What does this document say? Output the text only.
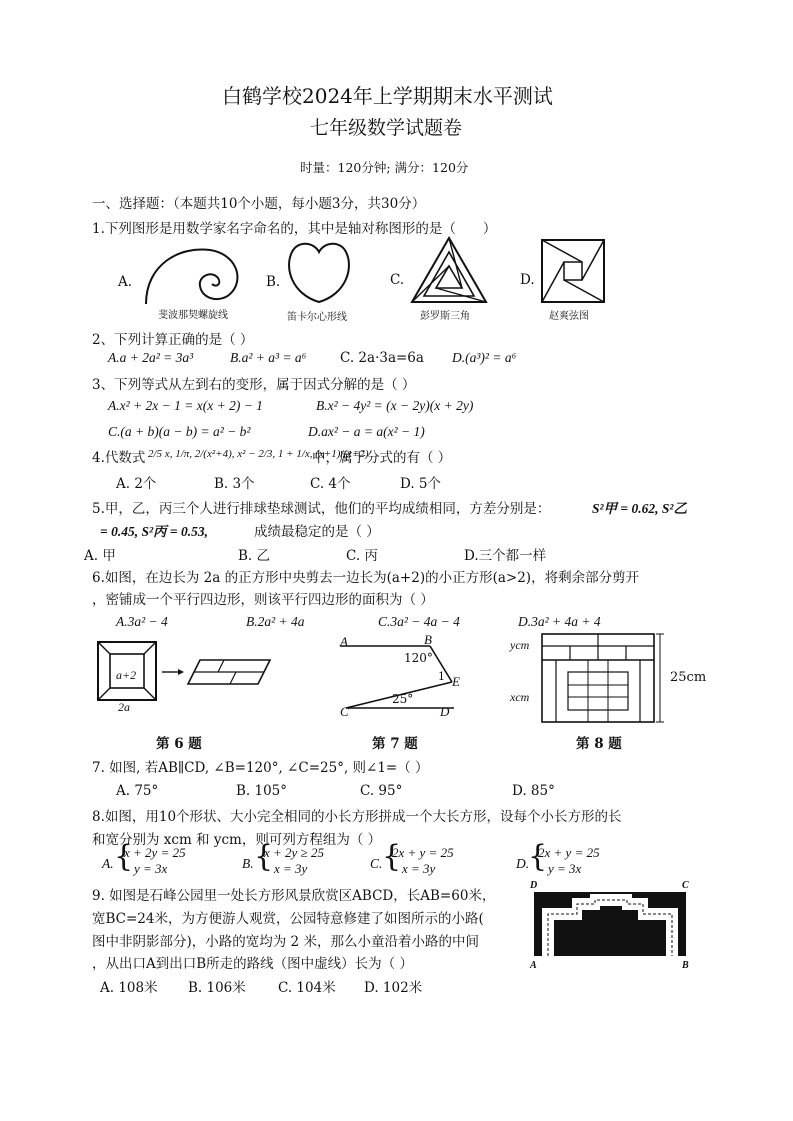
白鹤学校2024年上学期期末水平测试
七年级数学试题卷
时量：120分钟; 满分：120分
一、选择题：（本题共10个小题，每小题3分，共30分）
1.下列图形是用数学家名字命名的，其中是轴对称图形的是（　　）
A.	B.	C.	D.
斐波那契螺旋线	笛卡尔心形线	彭罗斯三角	赵爽弦图
2、下列计算正确的是（ ）
A.a + 2a² = 3a³	B.a² + a³ = a⁶ C. 2a·3a=6a D.(a³)² = a⁶
3、下列等式从左到右的变形，属于因式分解的是（ ）
A.x² + 2x − 1 = x(x + 2) − 1	B.x² − 4y² = (x − 2y)(x + 2y)
C.(a + b)(a − b) = a² − b²	D.ax² − a = a(x² − 1)
4.代数式 2/5 x, 1/π, 2/(x²+4), x² − 2/3, 1 + 1/x, (x+1)/(x+2)
中，属于分式的有（ ）
A. 2个	B. 3个	C. 4个	D. 5个
5.甲，乙，丙三个人进行排球垫球测试，他们的平均成绩相同，方差分别是：	S²甲 = 0.62, S²乙
= 0.45, S²丙 = 0.53,	成绩最稳定的是（ ）
A. 甲	B. 乙	C. 丙	D.三个都一样
6.如图，在边长为 2a 的正方形中央剪去一边长为(a+2)的小正方形(a>2)，将剩余部分剪开
，密铺成一个平行四边形，则该平行四边形的面积为（ ）
A.3a² − 4	B.2a² + 4a	C.3a² − 4a − 4	D.3a² + 4a + 4
a+2
2a
A	B
E
C	D
120°
25°
1
ycm
xcm
25cm
第 6 题	第 7 题	第 8 题
7. 如图, 若AB∥CD, ∠B=120°, ∠C=25°, 则∠1=（ ）
A. 75°	B. 105°	C. 95°	D. 85°
8.如图，用10个形状、大小完全相同的小长方形拼成一个大长方形，设每个小长方形的长
和宽分别为 xcm 和 ycm，则可列方程组为（ ）
A. {
x + 2y = 25
y = 3x	B. {
x + 2y ≥ 25
x = 3y	C. {
2x + y = 25
x = 3y	D.
{
2x + y = 25
y = 3x
9. 如图是石峰公园里一处长方形风景欣赏区ABCD，长AB=60米，
宽BC=24米，为方便游人观赏，公园特意修建了如图所示的小路(
图中非阴影部分)，小路的宽均为 2 米，那么小童沿着小路的中间
，从出口A到出口B所走的路线（图中虚线）长为（ ）
A. 108米 B. 106米 C. 104米 D. 102米
D	C
A	B
